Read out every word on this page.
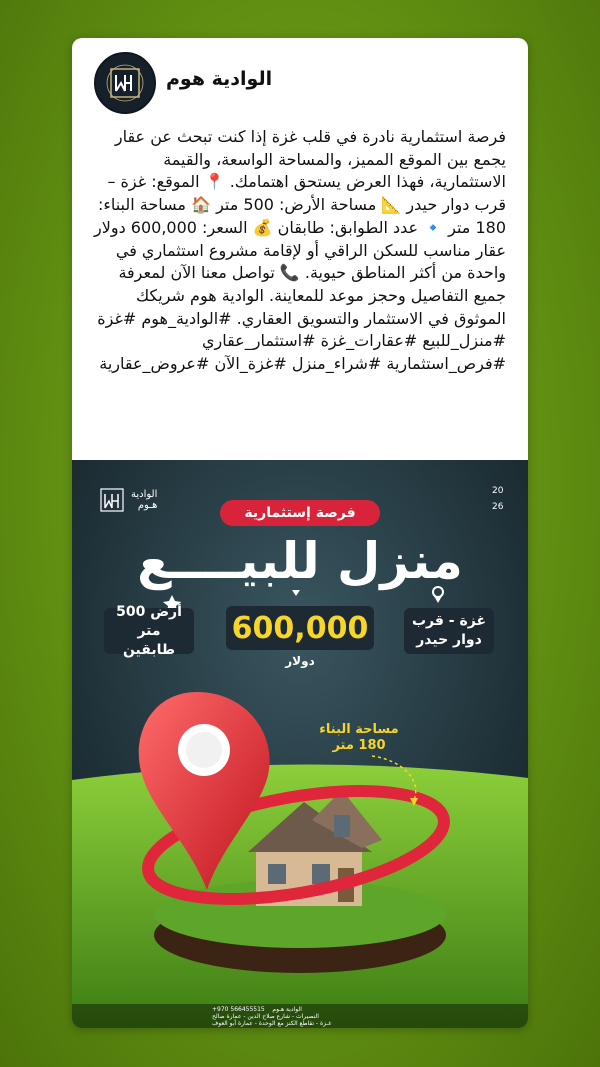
الوادية هوم
فرصة استثمارية نادرة في قلب غزة إذا كنت تبحث عن عقار يجمع بين الموقع المميز، والمساحة الواسعة، والقيمة الاستثمارية، فهذا العرض يستحق اهتمامك. 📍 الموقع: غزة – قرب دوار حيدر 📐 مساحة الأرض: 500 متر 🏠 مساحة البناء: 180 متر 🔹 عدد الطوابق: طابقان 💰 السعر: 600,000 دولار عقار مناسب للسكن الراقي أو لإقامة مشروع استثماري في واحدة من أكثر المناطق حيوية. 📞 تواصل معنا الآن لمعرفة جميع التفاصيل وحجز موعد للمعاينة. الوادية هوم شريكك الموثوق في الاستثمار والتسويق العقاري. #الوادية_هوم #غزة #منزل_للبيع #عقارات_غزة #استثمار_عقاري #فرص_استثمارية #شراء_منزل #غزة_الآن #عروض_عقارية
الوادية
هـوم
20
26
فرصة إستثمارية
منزل للبيــــع
أرض 500 متر
طابقين
600,000
دولار
غزة - قرب
دوار حيدر
مساحة البناء
180 متر
الوادية هـوم    +970 566455515
النصيرات - شارع صلاح الدين - عمارة صالح
غـزة - تقاطع الكنز مع الوحدة - عمارة أبو العوف
